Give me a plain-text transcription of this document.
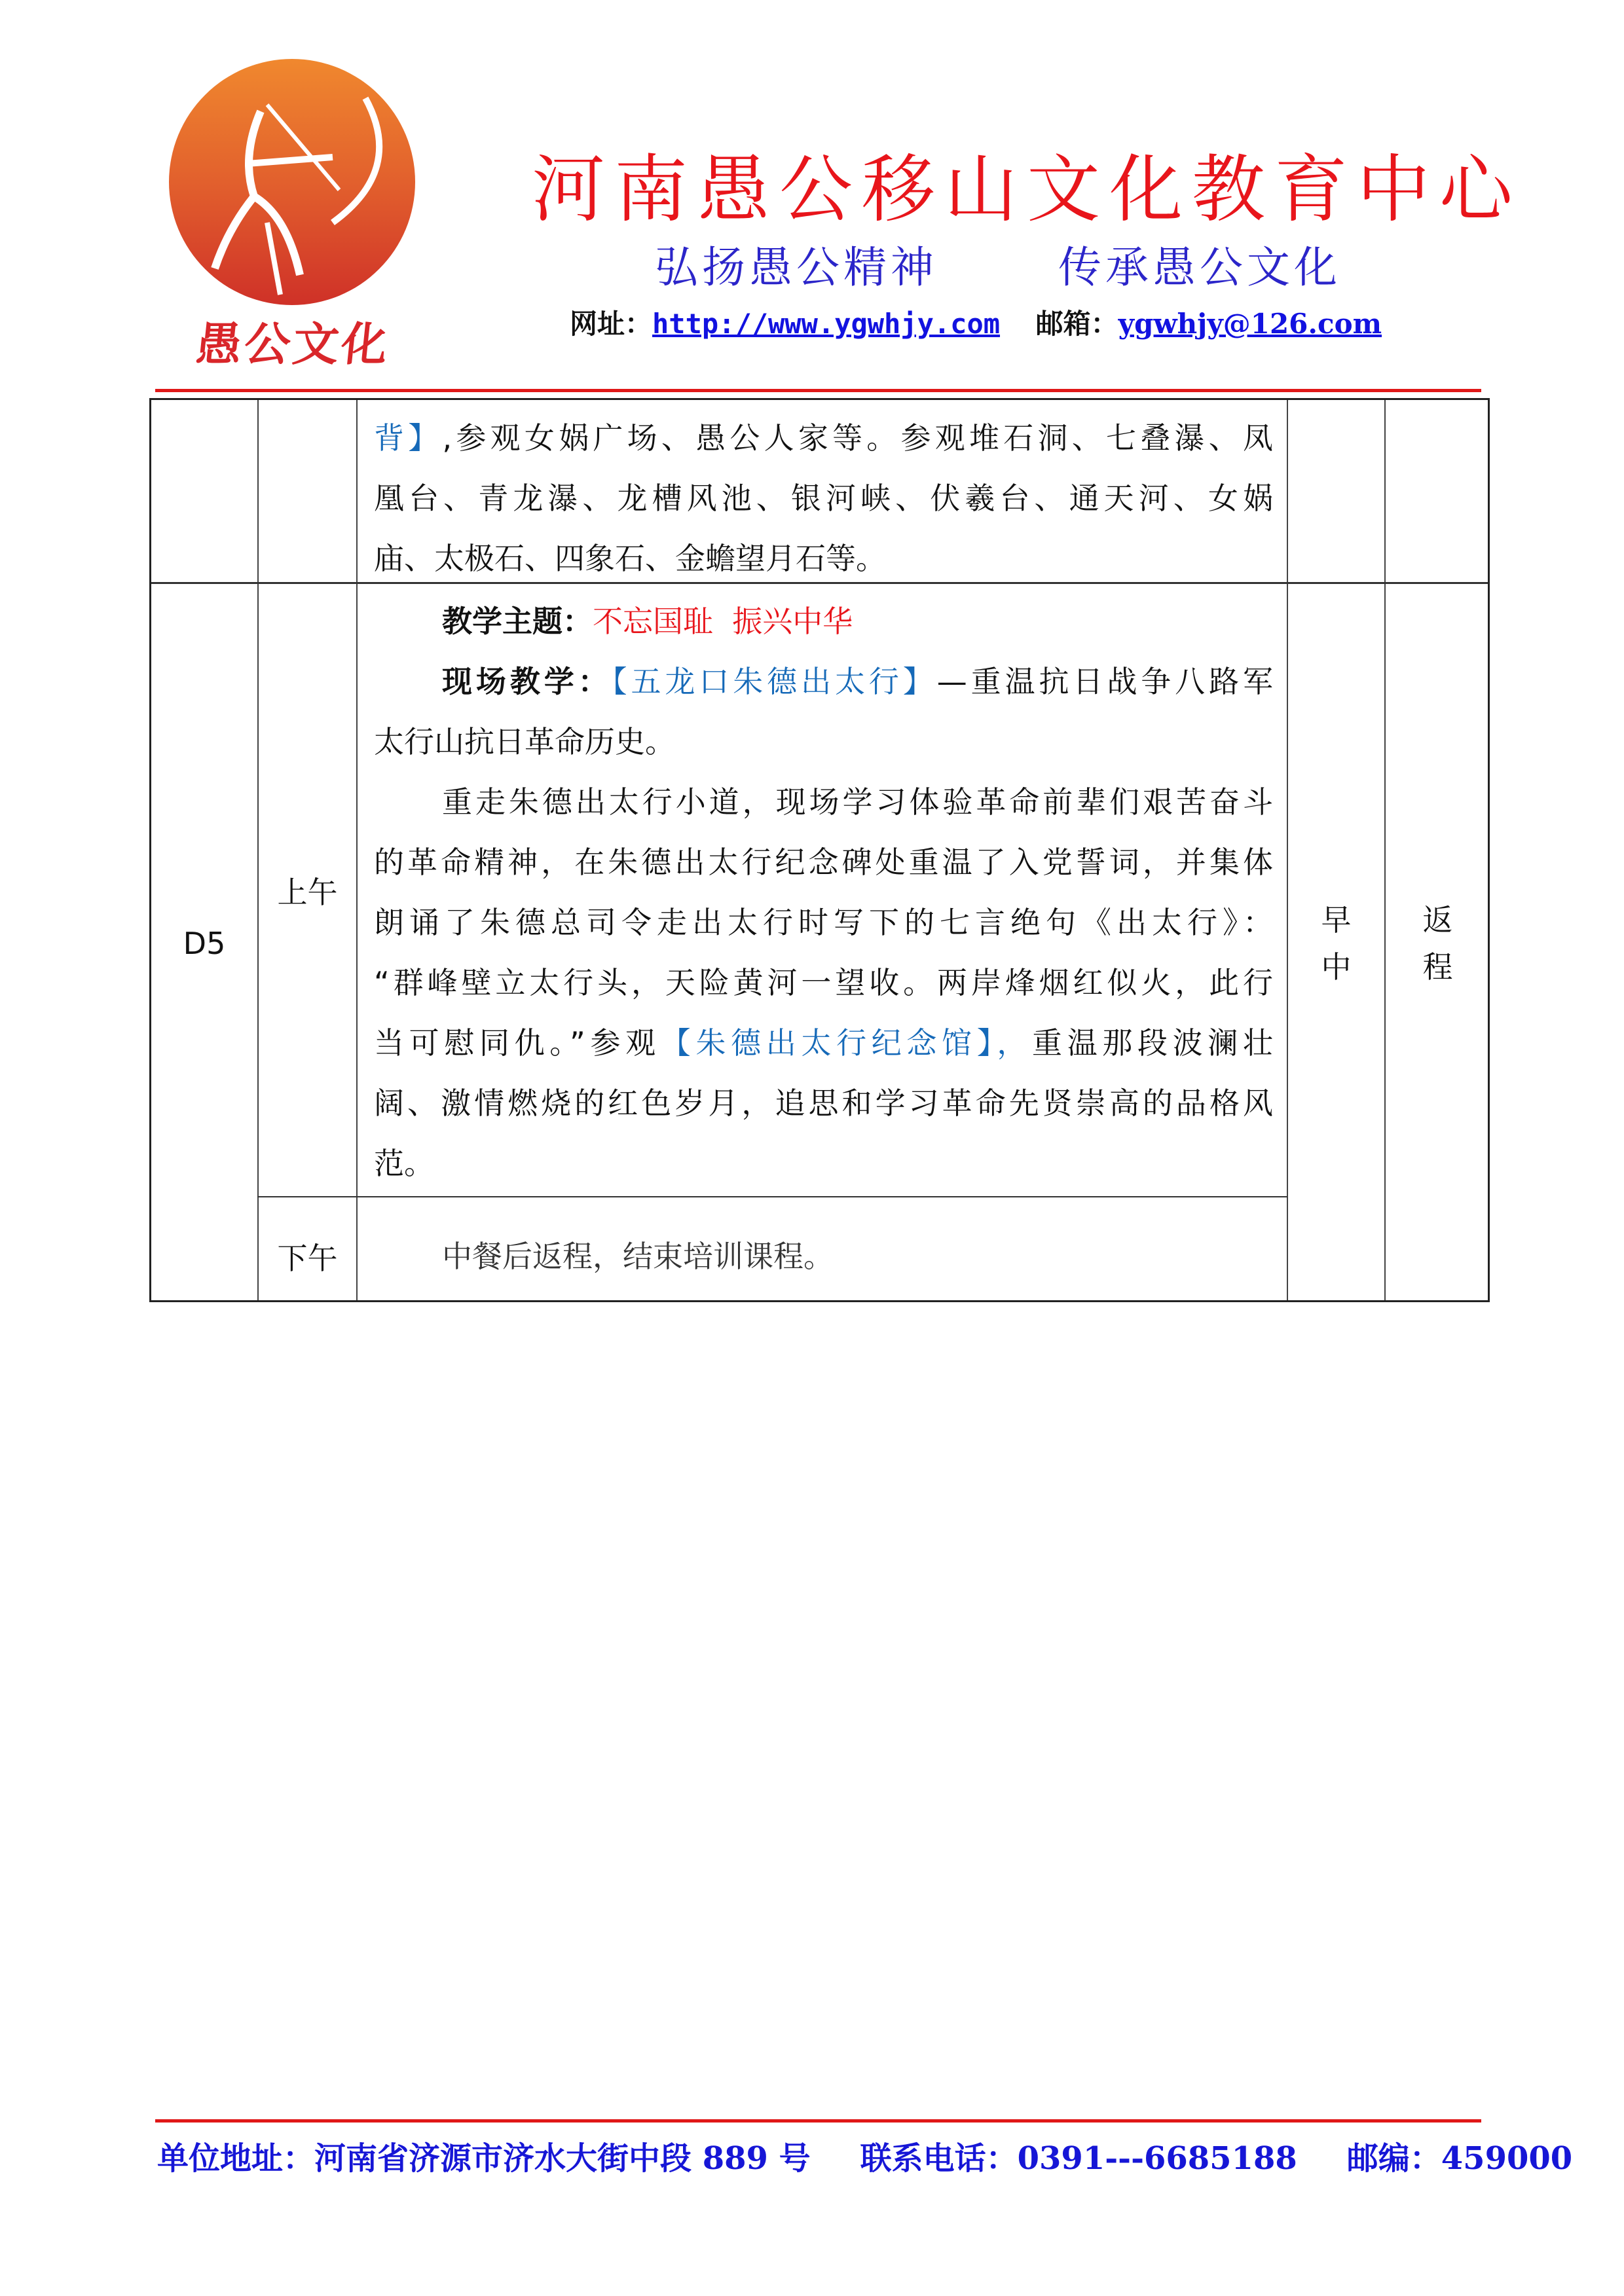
愚公文化
河南愚公移山文化教育中心
弘扬愚公精神	传承愚公文化
网址：http://www.ygwhjy.com 邮箱：ygwhjy@126.com
背】,参观女娲广场、愚公人家等。参观堆石洞、七叠瀑、凤
凰台、青龙瀑、龙槽风池、银河峡、伏羲台、通天河、女娲
庙、太极石、四象石、金蟾望月石等。
D5
上午
下午
早
中
返
程
教学主题：不忘国耻  振兴中华
现场教学：【五龙口朱德出太行】—重温抗日战争八路军
太行山抗日革命历史。
重走朱德出太行小道，现场学习体验革命前辈们艰苦奋斗
的革命精神，在朱德出太行纪念碑处重温了入党誓词，并集体
朗诵了朱德总司令走出太行时写下的七言绝句《出太行》：
“群峰壁立太行头，天险黄河一望收。两岸烽烟红似火，此行
当可慰同仇。”参观【朱德出太行纪念馆】，重温那段波澜壮
阔、激情燃烧的红色岁月，追思和学习革命先贤崇高的品格风
范。
中餐后返程，结束培训课程。
单位地址：河南省济源市济水大街中段 889 号 联系电话：0391---6685188 邮编：459000
